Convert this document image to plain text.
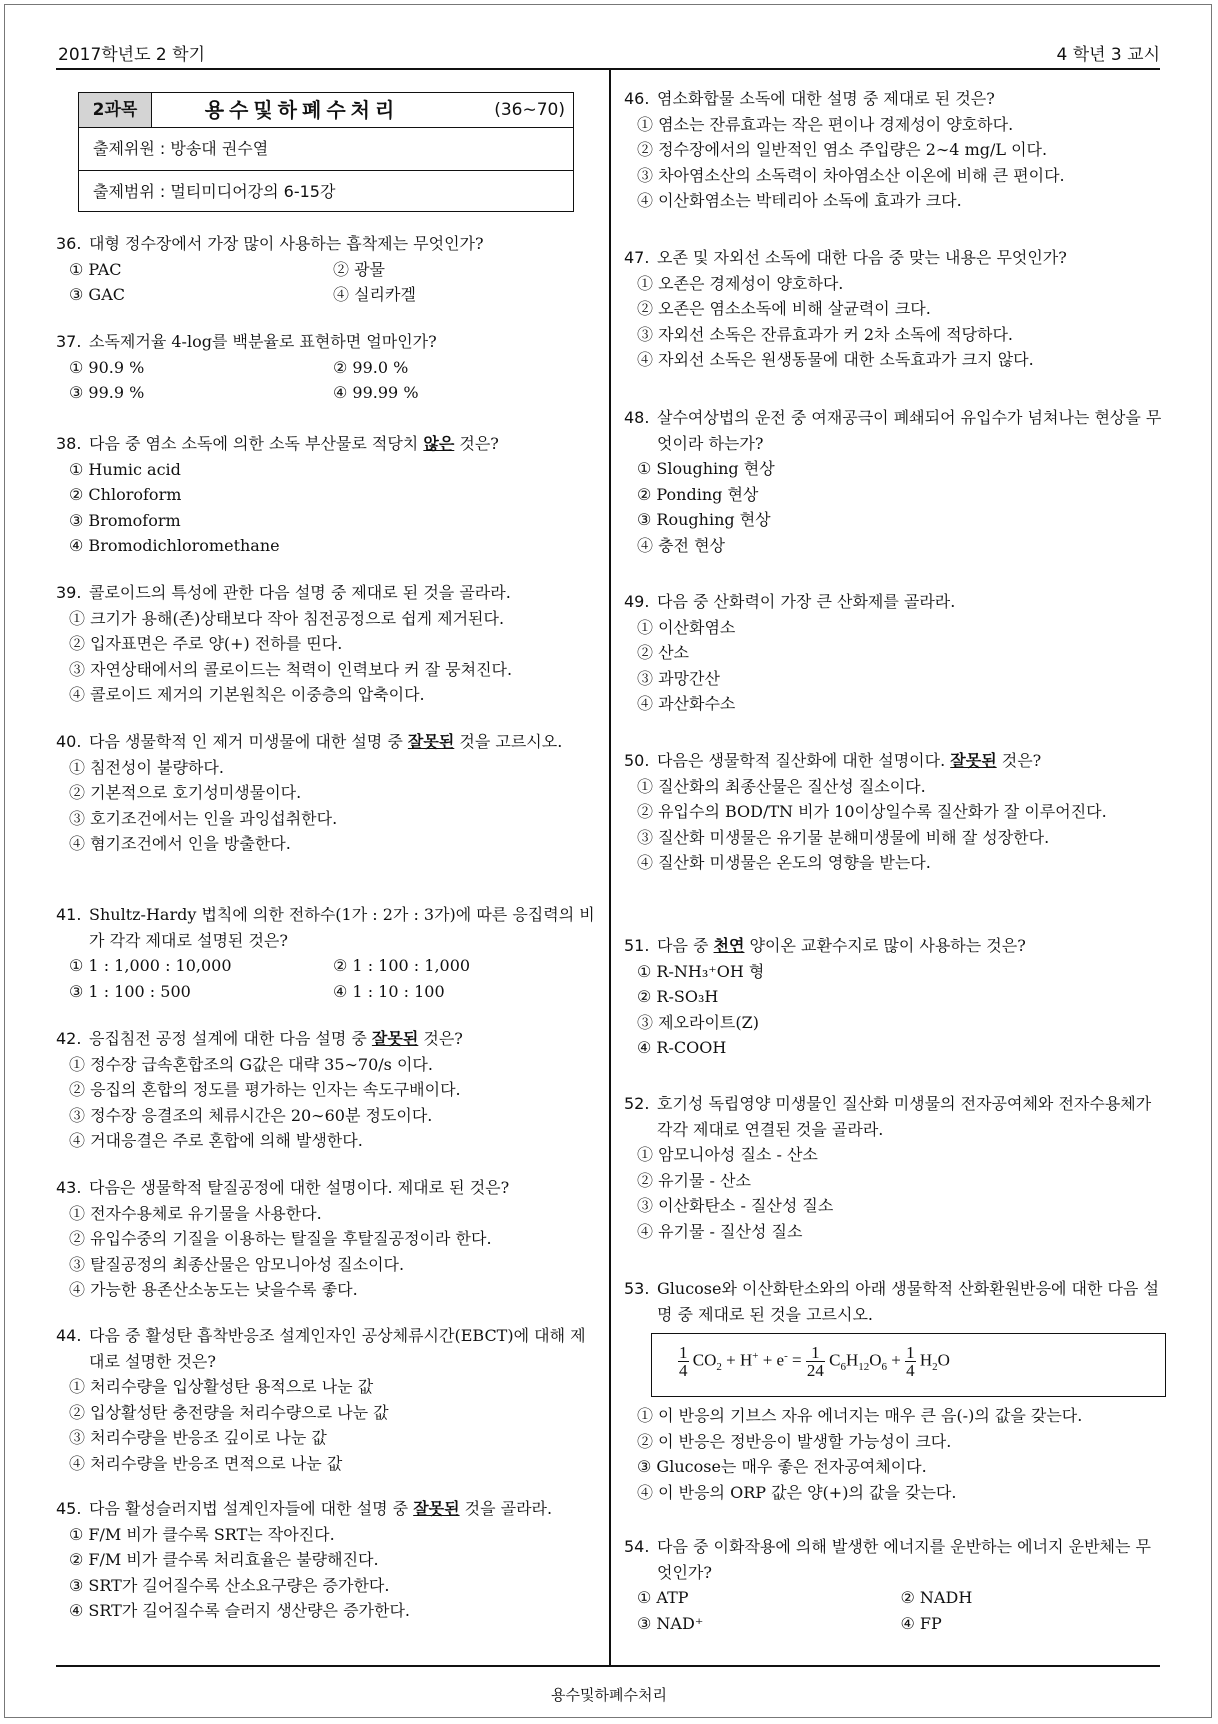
2017학년도 2 학기	4 학년 3 교시
용수및하폐수처리
2과목	용수및하폐수처리	(36∼70)
출제위원 : 방송대 권수열
출제범위 : 멀티미디어강의 6-15강
36. 대형 정수장에서 가장 많이 사용하는 흡착제는 무엇인가?
① PAC	② 광물
③ GAC	④ 실리카겔
37. 소독제거율 4-log를 백분율로 표현하면 얼마인가?
① 90.9 %	② 99.0 %
③ 99.9 %	④ 99.99 %
38. 다음 중 염소 소독에 의한 소독 부산물로 적당치 않은 것은?
① Humic acid
② Chloroform
③ Bromoform
④ Bromodichloromethane
39. 콜로이드의 특성에 관한 다음 설명 중 제대로 된 것을 골라라.
① 크기가 용해(존)상태보다 작아 침전공정으로 쉽게 제거된다.
② 입자표면은 주로 양(+) 전하를 띤다.
③ 자연상태에서의 콜로이드는 척력이 인력보다 커 잘 뭉쳐진다.
④ 콜로이드 제거의 기본원칙은 이중층의 압축이다.
40. 다음 생물학적 인 제거 미생물에 대한 설명 중 잘못된 것을 고르시오.
① 침전성이 불량하다.
② 기본적으로 호기성미생물이다.
③ 호기조건에서는 인을 과잉섭취한다.
④ 혐기조건에서 인을 방출한다.
41. Shultz-Hardy 법칙에 의한 전하수(1가 : 2가 : 3가)에 따른 응집력의 비가 각각 제대로 설명된 것은?
① 1 : 1,000 : 10,000	② 1 : 100 : 1,000
③ 1 : 100 : 500	④ 1 : 10 : 100
42. 응집침전 공정 설계에 대한 다음 설명 중 잘못된 것은?
① 정수장 급속혼합조의 G값은 대략 35∼70/s 이다.
② 응집의 혼합의 정도를 평가하는 인자는 속도구배이다.
③ 정수장 응결조의 체류시간은 20∼60분 정도이다.
④ 거대응결은 주로 혼합에 의해 발생한다.
43. 다음은 생물학적 탈질공정에 대한 설명이다. 제대로 된 것은?
① 전자수용체로 유기물을 사용한다.
② 유입수중의 기질을 이용하는 탈질을 후탈질공정이라 한다.
③ 탈질공정의 최종산물은 암모니아성 질소이다.
④ 가능한 용존산소농도는 낮을수록 좋다.
44. 다음 중 활성탄 흡착반응조 설계인자인 공상체류시간(EBCT)에 대해 제대로 설명한 것은?
① 처리수량을 입상활성탄 용적으로 나눈 값
② 입상활성탄 충전량을 처리수량으로 나눈 값
③ 처리수량을 반응조 깊이로 나눈 값
④ 처리수량을 반응조 면적으로 나눈 값
45. 다음 활성슬러지법 설계인자들에 대한 설명 중 잘못된 것을 골라라.
① F/M 비가 클수록 SRT는 작아진다.
② F/M 비가 클수록 처리효율은 불량해진다.
③ SRT가 길어질수록 산소요구량은 증가한다.
④ SRT가 길어질수록 슬러지 생산량은 증가한다.
46. 염소화합물 소독에 대한 설명 중 제대로 된 것은?
① 염소는 잔류효과는 작은 편이나 경제성이 양호하다.
② 정수장에서의 일반적인 염소 주입량은 2∼4 mg/L 이다.
③ 차아염소산의 소독력이 차아염소산 이온에 비해 큰 편이다.
④ 이산화염소는 박테리아 소독에 효과가 크다.
47. 오존 및 자외선 소독에 대한 다음 중 맞는 내용은 무엇인가?
① 오존은 경제성이 양호하다.
② 오존은 염소소독에 비해 살균력이 크다.
③ 자외선 소독은 잔류효과가 커 2차 소독에 적당하다.
④ 자외선 소독은 원생동물에 대한 소독효과가 크지 않다.
48. 살수여상법의 운전 중 여재공극이 폐쇄되어 유입수가 넘쳐나는 현상을 무엇이라 하는가?
① Sloughing 현상
② Ponding 현상
③ Roughing 현상
④ 충전 현상
49. 다음 중 산화력이 가장 큰 산화제를 골라라.
① 이산화염소
② 산소
③ 과망간산
④ 과산화수소
50. 다음은 생물학적 질산화에 대한 설명이다. 잘못된 것은?
① 질산화의 최종산물은 질산성 질소이다.
② 유입수의 BOD/TN 비가 10이상일수록 질산화가 잘 이루어진다.
③ 질산화 미생물은 유기물 분해미생물에 비해 잘 성장한다.
④ 질산화 미생물은 온도의 영향을 받는다.
51. 다음 중 천연 양이온 교환수지로 많이 사용하는 것은?
① R-NH₃⁺OH 형
② R-SO₃H
③ 제오라이트(Z)
④ R-COOH
52. 호기성 독립영양 미생물인 질산화 미생물의 전자공여체와 전자수용체가 각각 제대로 연결된 것을 골라라.
① 암모니아성 질소 - 산소
② 유기물 - 산소
③ 이산화탄소 - 질산성 질소
④ 유기물 - 질산성 질소
53. Glucose와 이산화탄소와의 아래 생물학적 산화환원반응에 대한 다음 설명 중 제대로 된 것을 고르시오.
$\frac{1}{4} CO_2 + H^+ + e^- = \frac{1}{24} C_6H_{12}O_6 + \frac{1}{4} H_2O$
① 이 반응의 기브스 자유 에너지는 매우 큰 음(-)의 값을 갖는다.
② 이 반응은 정반응이 발생할 가능성이 크다.
③ Glucose는 매우 좋은 전자공여체이다.
④ 이 반응의 ORP 값은 양(+)의 값을 갖는다.
54. 다음 중 이화작용에 의해 발생한 에너지를 운반하는 에너지 운반체는 무엇인가?
① ATP	② NADH
③ NAD⁺	④ FP
